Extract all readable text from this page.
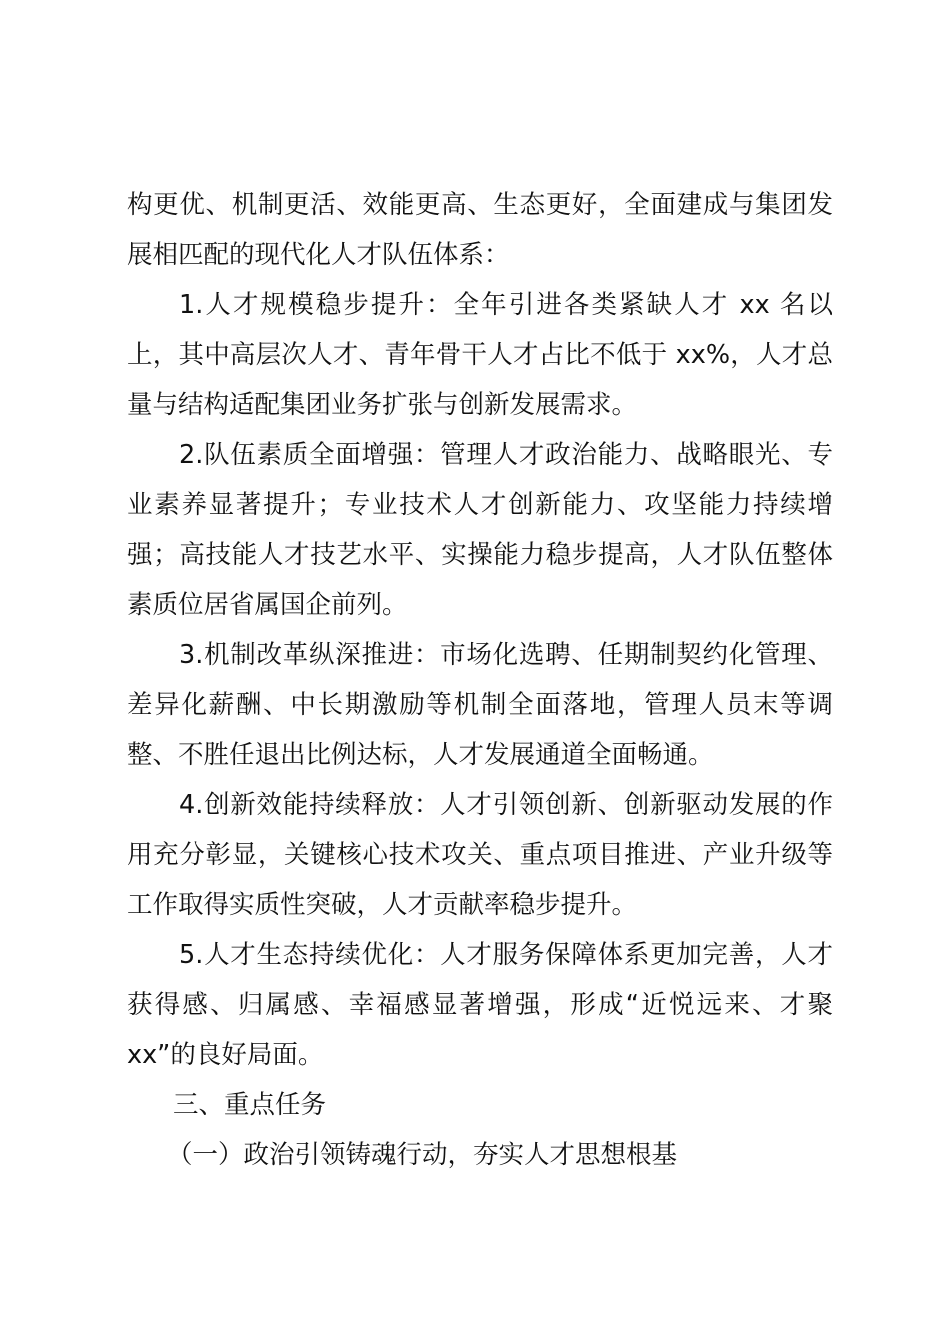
构更优、机制更活、效能更高、生态更好，全面建成与集团发展相匹配的现代化人才队伍体系：

1.人才规模稳步提升：全年引进各类紧缺人才 xx 名以上，其中高层次人才、青年骨干人才占比不低于 xx%，人才总量与结构适配集团业务扩张与创新发展需求。

2.队伍素质全面增强：管理人才政治能力、战略眼光、专业素养显著提升；专业技术人才创新能力、攻坚能力持续增强；高技能人才技艺水平、实操能力稳步提高，人才队伍整体素质位居省属国企前列。

3.机制改革纵深推进：市场化选聘、任期制契约化管理、差异化薪酬、中长期激励等机制全面落地，管理人员末等调整、不胜任退出比例达标，人才发展通道全面畅通。

4.创新效能持续释放：人才引领创新、创新驱动发展的作用充分彰显，关键核心技术攻关、重点项目推进、产业升级等工作取得实质性突破，人才贡献率稳步提升。

5.人才生态持续优化：人才服务保障体系更加完善，人才获得感、归属感、幸福感显著增强，形成“近悦远来、才聚xx”的良好局面。

三、重点任务

（一）政治引领铸魂行动，夯实人才思想根基
